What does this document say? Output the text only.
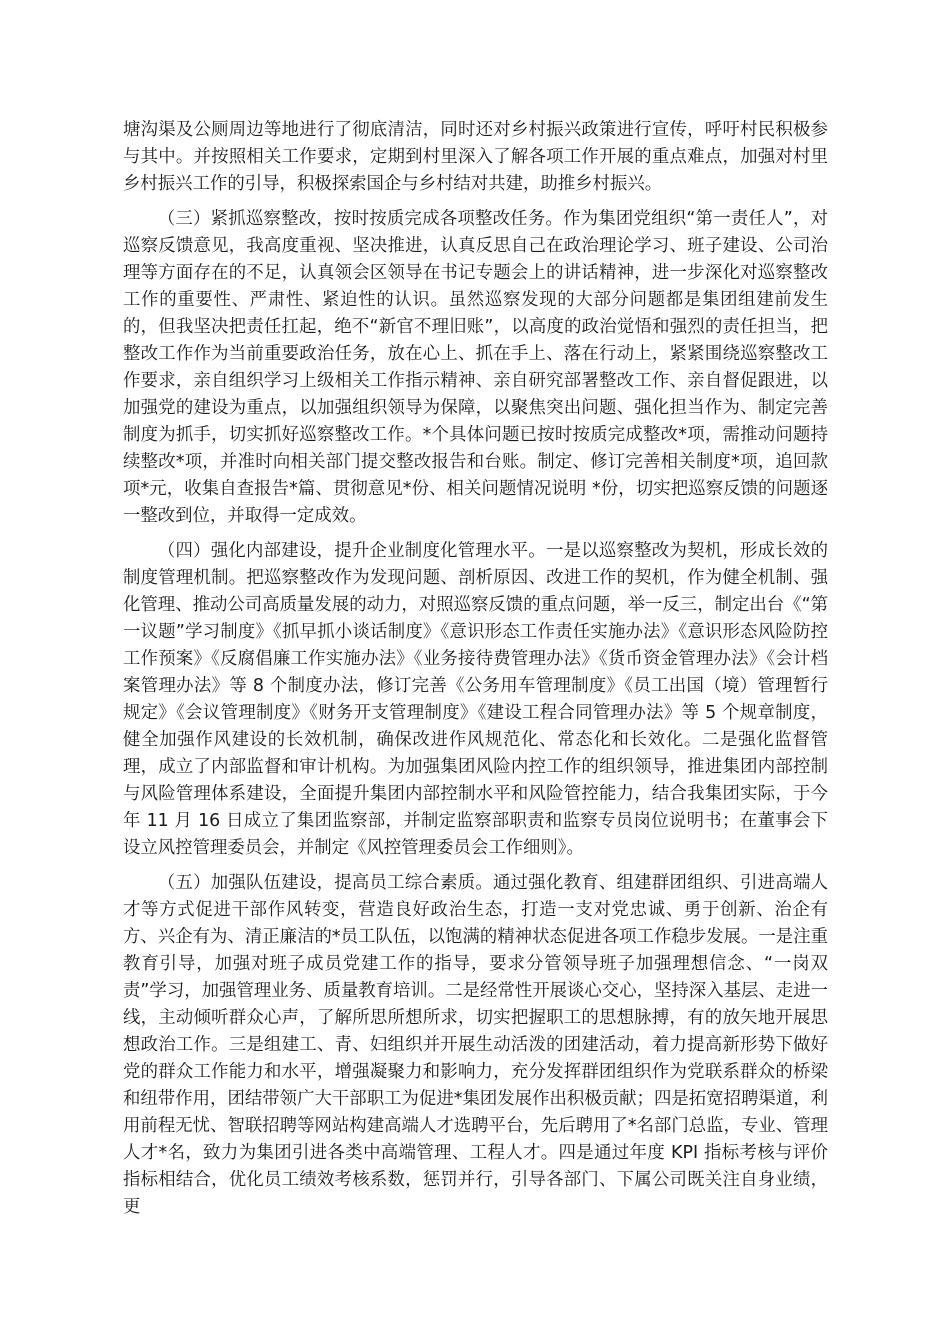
塘沟渠及公厕周边等地进行了彻底清洁，同时还对乡村振兴政策进行宣传，呼吁村民积极参与其中。并按照相关工作要求，定期到村里深入了解各项工作开展的重点难点，加强对村里乡村振兴工作的引导，积极探索国企与乡村结对共建，助推乡村振兴。

（三）紧抓巡察整改，按时按质完成各项整改任务。作为集团党组织“第一责任人”，对巡察反馈意见，我高度重视、坚决推进，认真反思自己在政治理论学习、班子建设、公司治理等方面存在的不足，认真领会区领导在书记专题会上的讲话精神，进一步深化对巡察整改工作的重要性、严肃性、紧迫性的认识。虽然巡察发现的大部分问题都是集团组建前发生的，但我坚决把责任扛起，绝不“新官不理旧账”，以高度的政治觉悟和强烈的责任担当，把整改工作作为当前重要政治任务，放在心上、抓在手上、落在行动上，紧紧围绕巡察整改工作要求，亲自组织学习上级相关工作指示精神、亲自研究部署整改工作、亲自督促跟进，以加强党的建设为重点，以加强组织领导为保障，以聚焦突出问题、强化担当作为、制定完善制度为抓手，切实抓好巡察整改工作。*个具体问题已按时按质完成整改*项，需推动问题持续整改*项，并准时向相关部门提交整改报告和台账。制定、修订完善相关制度*项，追回款项*元，收集自查报告*篇、贯彻意见*份、相关问题情况说明 *份，切实把巡察反馈的问题逐一整改到位，并取得一定成效。

（四）强化内部建设，提升企业制度化管理水平。一是以巡察整改为契机，形成长效的制度管理机制。把巡察整改作为发现问题、剖析原因、改进工作的契机，作为健全机制、强化管理、推动公司高质量发展的动力，对照巡察反馈的重点问题，举一反三，制定出台《“第一议题”学习制度》《抓早抓小谈话制度》《意识形态工作责任实施办法》《意识形态风险防控工作预案》《反腐倡廉工作实施办法》《业务接待费管理办法》《货币资金管理办法》《会计档案管理办法》等 8 个制度办法，修订完善《公务用车管理制度》《员工出国（境）管理暂行规定》《会议管理制度》《财务开支管理制度》《建设工程合同管理办法》等 5 个规章制度，健全加强作风建设的长效机制，确保改进作风规范化、常态化和长效化。二是强化监督管理，成立了内部监督和审计机构。为加强集团风险内控工作的组织领导，推进集团内部控制与风险管理体系建设，全面提升集团内部控制水平和风险管控能力，结合我集团实际，于今年 11 月 16 日成立了集团监察部，并制定监察部职责和监察专员岗位说明书；在董事会下设立风控管理委员会，并制定《风控管理委员会工作细则》。

（五）加强队伍建设，提高员工综合素质。通过强化教育、组建群团组织、引进高端人才等方式促进干部作风转变，营造良好政治生态，打造一支对党忠诚、勇于创新、治企有方、兴企有为、清正廉洁的*员工队伍，以饱满的精神状态促进各项工作稳步发展。一是注重教育引导，加强对班子成员党建工作的指导，要求分管领导班子加强理想信念、“一岗双责”学习，加强管理业务、质量教育培训。二是经常性开展谈心交心，坚持深入基层、走进一线，主动倾听群众心声，了解所思所想所求，切实把握职工的思想脉搏，有的放矢地开展思想政治工作。三是组建工、青、妇组织并开展生动活泼的团建活动，着力提高新形势下做好党的群众工作能力和水平，增强凝聚力和影响力，充分发挥群团组织作为党联系群众的桥梁和纽带作用，团结带领广大干部职工为促进*集团发展作出积极贡献；四是拓宽招聘渠道，利用前程无忧、智联招聘等网站构建高端人才选聘平台，先后聘用了*名部门总监，专业、管理人才*名，致力为集团引进各类中高端管理、工程人才。四是通过年度 KPI 指标考核与评价指标相结合，优化员工绩效考核系数，惩罚并行，引导各部门、下属公司既关注自身业绩，更
